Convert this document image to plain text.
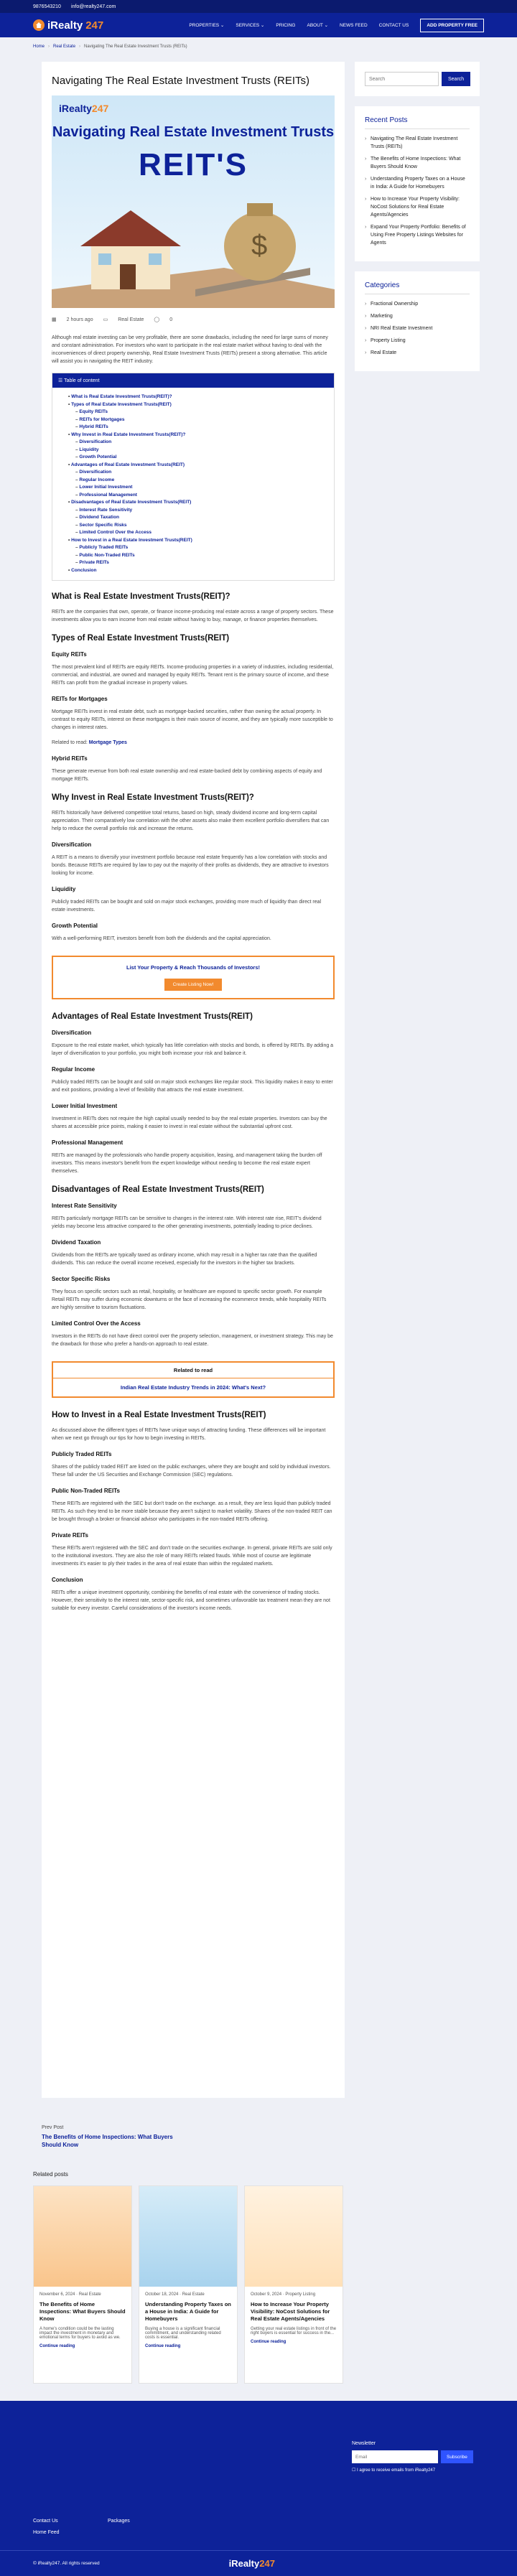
9876543210 info@realty247.com
iRealty 247	PROPERTIES ⌄ SERVICES ⌄ PRICING ABOUT ⌄ NEWS FEED CONTACT US	ADD PROPERTY FREE
Home › Real Estate › Navigating The Real Estate Investment Trusts (REITs)
Navigating The Real Estate Investment Trusts (REITs)
iRealty247
Navigating Real Estate Investment Trusts
REIT'S
$
▦ 2 hours ago ▭ Real Estate ◯ 0

Although real estate investing can be very profitable, there are some drawbacks, including the need for large sums of money and constant administration. For investors who want to participate in the real estate market without having to deal with the inconveniences of direct property ownership, Real Estate Investment Trusts (REITs) present a strong alternative. This article will assist you in navigating the REIT industry.

☰ Table of content
• What is Real Estate Investment Trusts(REIT)?
• Types of Real Estate Investment Trusts(REIT)
– Equity REITs
– REITs for Mortgages
– Hybrid REITs
• Why Invest in Real Estate Investment Trusts(REIT)?
– Diversification
– Liquidity
– Growth Potential
• Advantages of Real Estate Investment Trusts(REIT)
– Diversification
– Regular Income
– Lower Initial Investment
– Professional Management
• Disadvantages of Real Estate Investment Trusts(REIT)
– Interest Rate Sensitivity
– Dividend Taxation
– Sector Specific Risks
– Limited Control Over the Access
• How to Invest in a Real Estate Investment Trusts(REIT)
– Publicly Traded REITs
– Public Non-Traded REITs
– Private REITs
• Conclusion
What is Real Estate Investment Trusts(REIT)?

REITs are the companies that own, operate, or finance income-producing real estate across a range of property sectors. These investments allow you to earn income from real estate without having to buy, manage, or finance properties themselves.

Types of Real Estate Investment Trusts(REIT)
Equity REITs

The most prevalent kind of REITs are equity REITs. Income-producing properties in a variety of industries, including residential, commercial, and industrial, are owned and managed by equity REITs. Tenant rent is the primary source of income, and these REITs can profit from the gradual increase in property values.

REITs for Mortgages

Mortgage REITs invest in real estate debt, such as mortgage-backed securities, rather than owning the actual property. In contrast to equity REITs, interest on these mortgages is their main source of income, and they are typically more susceptible to changes in interest rates.

Related to read: Mortgage Types

Hybrid REITs

These generate revenue from both real estate ownership and real estate-backed debt by combining aspects of equity and mortgage REITs.

Why Invest in Real Estate Investment Trusts(REIT)?

REITs historically have delivered competitive total returns, based on high, steady dividend income and long-term capital appreciation. Their comparatively low correlation with the other assets also make them excellent portfolio diversifiers that can help to reduce the overall portfolio risk and increase the returns.

Diversification

A REIT is a means to diversify your investment portfolio because real estate frequently has a low correlation with stocks and bonds. Because REITs are required by law to pay out the majority of their profits as dividends, they are attractive to investors looking for income.

Liquidity

Publicly traded REITs can be bought and sold on major stock exchanges, providing more much of liquidity than direct real estate investments.

Growth Potential

With a well-performing REIT, investors benefit from both the dividends and the capital appreciation.

List Your Property & Reach Thousands of Investors!
Create Listing Now!
Advantages of Real Estate Investment Trusts(REIT)
Diversification

Exposure to the real estate market, which typically has little correlation with stocks and bonds, is offered by REITs. By adding a layer of diversification to your portfolio, you might both increase your risk and balance it.

Regular Income

Publicly traded REITs can be bought and sold on major stock exchanges like regular stock. This liquidity makes it easy to enter and exit positions, providing a level of flexibility that attracts the real estate investment.

Lower Initial Investment

Investment in REITs does not require the high capital usually needed to buy the real estate properties. Investors can buy the shares at accessible price points, making it easier to invest in real estate without the substantial upfront cost.

Professional Management

REITs are managed by the professionals who handle property acquisition, leasing, and management taking the burden off investors. This means investor's benefit from the expert knowledge without needing to become the real estate expert themselves.

Disadvantages of Real Estate Investment Trusts(REIT)
Interest Rate Sensitivity

REITs particularly mortgage REITs can be sensitive to changes in the interest rate. With interest rate rise, REIT's dividend yields may become less attractive compared to the other generating investments, potentially leading to price declines.

Dividend Taxation

Dividends from the REITs are typically taxed as ordinary income, which may result in a higher tax rate than the qualified dividends. This can reduce the overall income received, especially for the investors in the higher tax brackets.

Sector Specific Risks

They focus on specific sectors such as retail, hospitality, or healthcare are exposed to specific sector growth. For example Retail REITs may suffer during economic downturns or the face of increasing the ecommerce trends, while hospitality REITs are highly sensitive to tourism fluctuations.

Limited Control Over the Access

Investors in the REITs do not have direct control over the property selection, management, or investment strategy. This may be the drawback for those who prefer a hands-on approach to real estate.

Related to read
Indian Real Estate Industry Trends in 2024: What's Next?
How to Invest in a Real Estate Investment Trusts(REIT)

As discussed above the different types of REITs have unique ways of attracting funding. These differences will be important when we next go through our tips for how to begin investing in REITs.

Publicly Traded REITs

Shares of the publicly traded REIT are listed on the public exchanges, where they are bought and sold by individual investors. These fall under the US Securities and Exchange Commission (SEC) regulations.

Public Non-Traded REITs

These REITs are registered with the SEC but don't trade on the exchange. as a result, they are less liquid than publicly traded REITs. As such they tend to be more stable because they aren't subject to market volatility. Shares of the non-traded REIT can be brought through a broker or financial advisor who participates in the non-traded REITs offering.

Private REITs

These REITs aren't registered with the SEC and don't trade on the securities exchange. In general, private REITs are sold only to the institutional investors. They are also the role of many REITs related frauds. While most of course are legitimate investments it's easier to ply their trades in the area of real estate than within the regulated markets.

Conclusion

REITs offer a unique investment opportunity, combining the benefits of real estate with the convenience of trading stocks. However, their sensitivity to the interest rate, sector-specific risk, and sometimes unfavorable tax treatment mean they are not suitable for every investor. Careful considerations of the investor's income needs.

Search
Search
Recent Posts
› Navigating The Real Estate Investment Trusts (REITs)
› The Benefits of Home Inspections: What Buyers Should Know
› Understanding Property Taxes on a House in India: A Guide for Homebuyers
› How to Increase Your Property Visibility: NoCost Solutions for Real Estate Agents/Agencies
› Expand Your Property Portfolio: Benefits of Using Free Property Listings Websites for Agents
Categories
› Fractional Ownership
› Marketing
› NRI Real Estate Investment
› Property Listing
› Real Estate
Prev Post
The Benefits of Home Inspections: What Buyers Should Know
Related posts
November 6, 2024 · Real Estate
The Benefits of Home Inspections: What Buyers Should Know
A home's condition could be the lasting impact the investment in monetary and emotional terms for buyers to avoid as we.
Continue reading
October 18, 2024 · Real Estate
Understanding Property Taxes on a House in India: A Guide for Homebuyers
Buying a house is a significant financial commitment, and understanding related costs is essential.
Continue reading
October 9, 2024 · Property Listing
How to Increase Your Property Visibility: NoCost Solutions for Real Estate Agents/Agencies
Getting your real estate listings in front of the right buyers is essential for success in the...
Continue reading
Newsletter
Email
Subscribe
☐ I agree to receive emails from iRealty247
Contact Us
Home Feed
Packages
© iRealty247. All rights reserved	iRealty247
